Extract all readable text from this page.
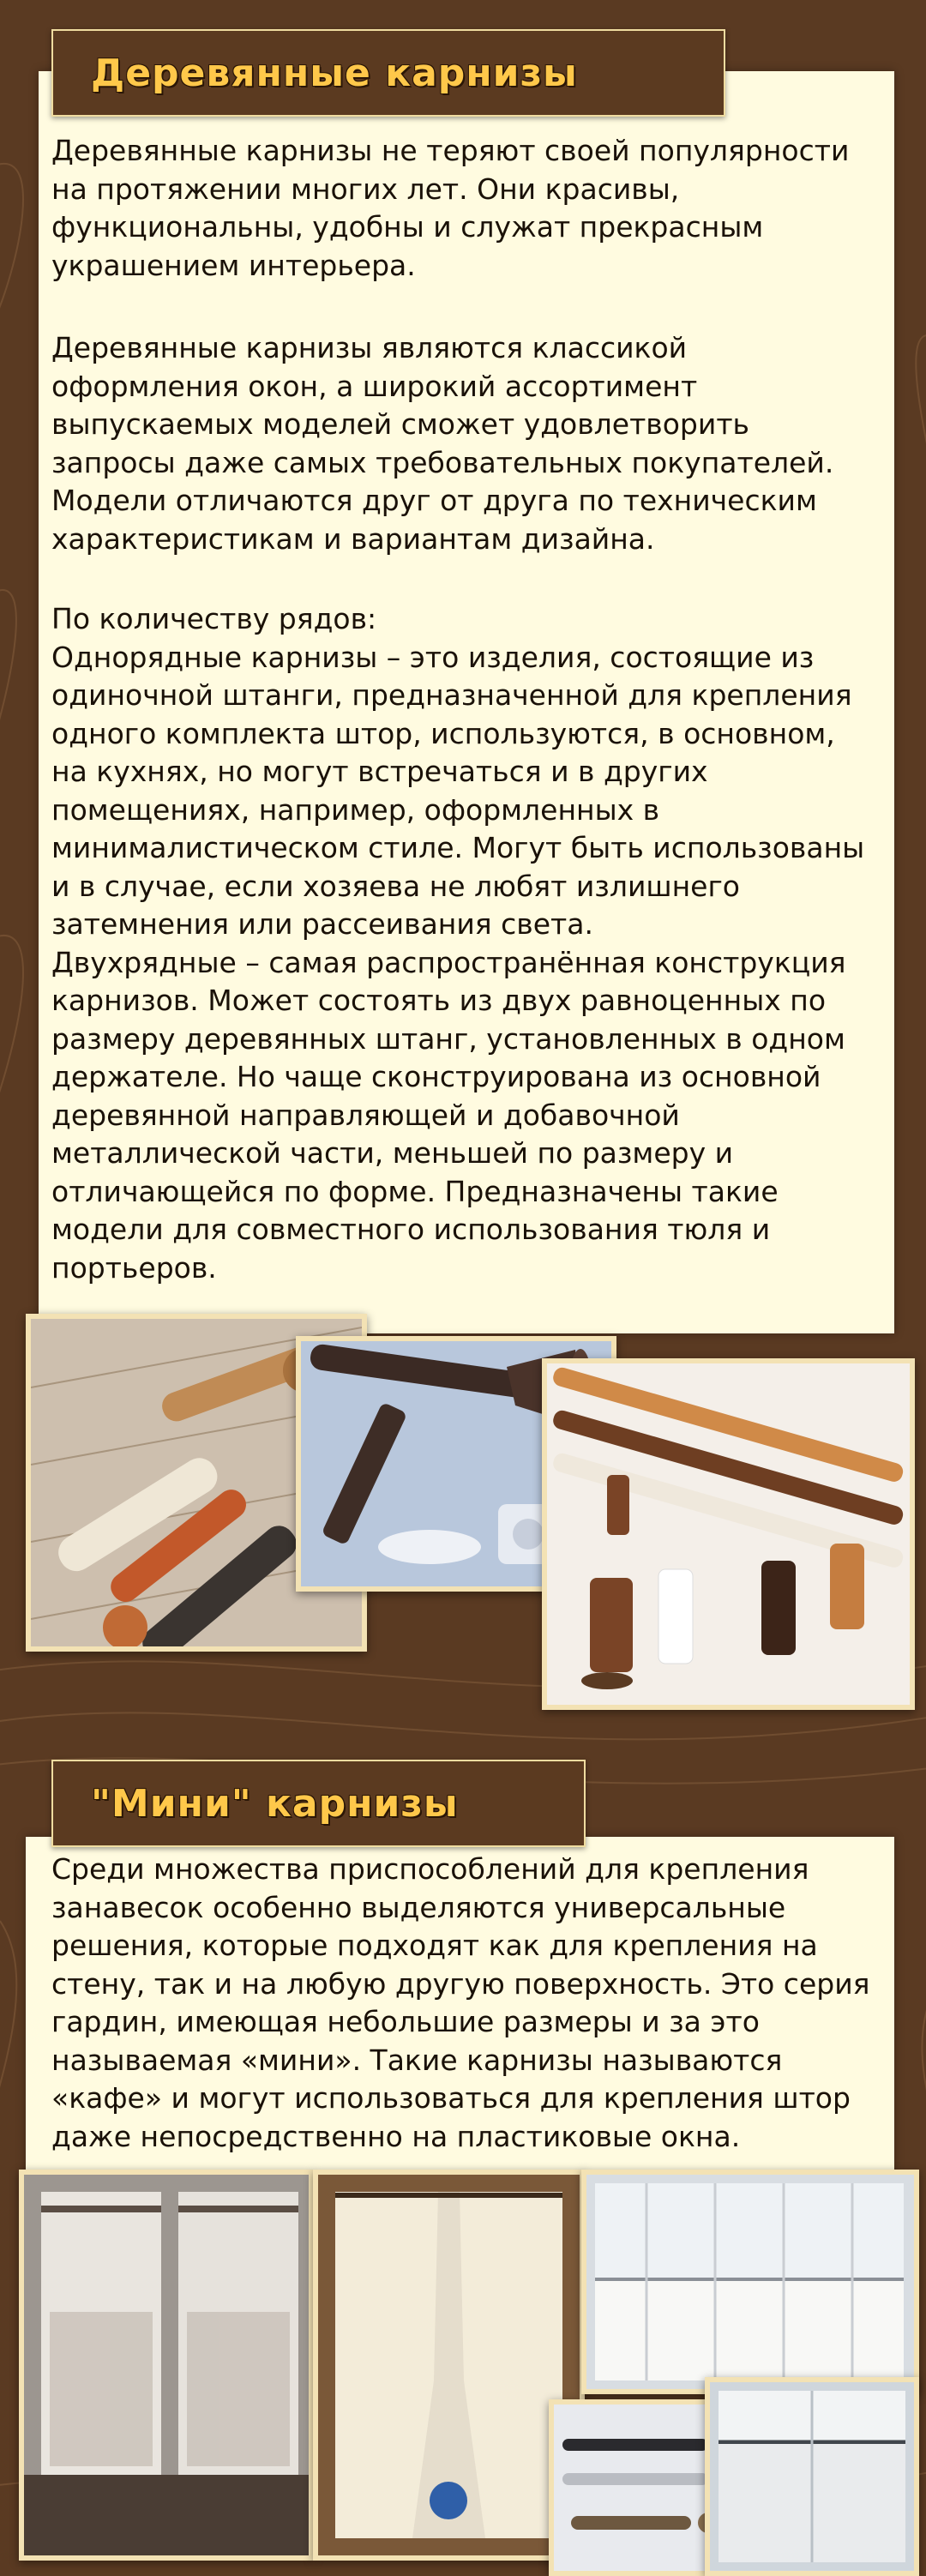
Деревянные карнизы

Деревянные карнизы не теряют своей популярности на протяжении многих лет. Они красивы, функциональны, удобны и служат прекрасным украшением интерьера.

Деревянные карнизы являются классикой оформления окон, а широкий ассортимент выпускаемых моделей сможет удовлетворить запросы даже самых требовательных покупателей. Модели отличаются друг от друга по техническим характеристикам и вариантам дизайна.

По количеству рядов:
Однорядные карнизы – это изделия, состоящие из одиночной штанги, предназначенной для крепления одного комплекта штор, используются, в основном, на кухнях, но могут встречаться и в других помещениях, например, оформленных в минималистическом стиле. Могут быть использованы и в случае, если хозяева не любят излишнего затемнения или рассеивания света.
Двухрядные – самая распространённая конструкция карнизов. Может состоять из двух равноценных по размеру деревянных штанг, установленных в одном держателе. Но чаще сконструирована из основной деревянной направляющей и добавочной металлической части, меньшей по размеру и отличающейся по форме. Предназначены такие модели для совместного использования тюля и портьеров.

"Мини" карнизы

Среди множества приспособлений для крепления занавесок особенно выделяются универсальные решения, которые подходят как для крепления на стену, так и на любую другую поверхность. Это серия гардин, имеющая небольшие размеры и за это называемая «мини». Такие карнизы называются «кафе» и могут использоваться для крепления штор даже непосредственно на пластиковые окна.
